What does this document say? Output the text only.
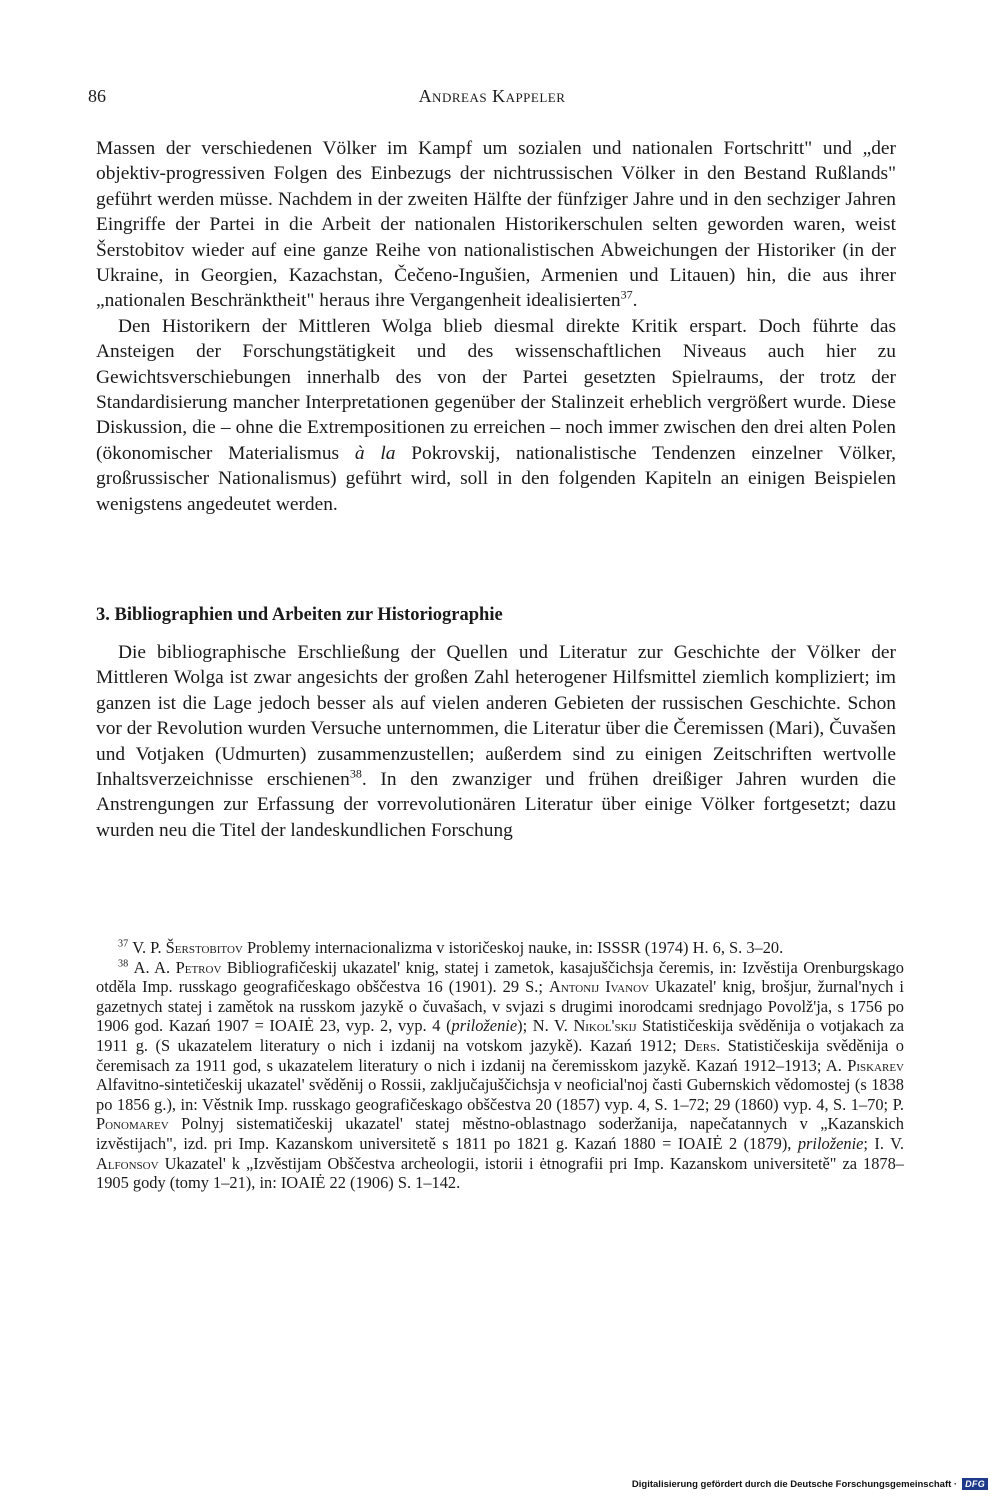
86	Andreas Kappeler

Massen der verschiedenen Völker im Kampf um sozialen und nationalen Fortschritt" und „der objektiv-progressiven Folgen des Einbezugs der nichtrussischen Völker in den Bestand Rußlands" geführt werden müsse. Nachdem in der zweiten Hälfte der fünfziger Jahre und in den sechziger Jahren Eingriffe der Partei in die Arbeit der nationalen Historikerschulen selten geworden waren, weist Šerstobitov wieder auf eine ganze Reihe von nationalistischen Abweichungen der Historiker (in der Ukraine, in Georgien, Kazachstan, Čečeno-Ingušien, Armenien und Litauen) hin, die aus ihrer „nationalen Beschränktheit" heraus ihre Vergangenheit idealisierten$^{37}$.

Den Historikern der Mittleren Wolga blieb diesmal direkte Kritik erspart. Doch führte das Ansteigen der Forschungstätigkeit und des wissenschaftlichen Niveaus auch hier zu Gewichtsverschiebungen innerhalb des von der Partei gesetzten Spielraums, der trotz der Standardisierung mancher Interpretationen gegenüber der Stalinzeit erheblich vergrößert wurde. Diese Diskussion, die – ohne die Extrempositionen zu erreichen – noch immer zwischen den drei alten Polen (ökonomischer Materialismus à la Pokrovskij, nationalistische Tendenzen einzelner Völker, großrussischer Nationalismus) geführt wird, soll in den folgenden Kapiteln an einigen Beispielen wenigstens angedeutet werden.

3. Bibliographien und Arbeiten zur Historiographie

Die bibliographische Erschließung der Quellen und Literatur zur Geschichte der Völker der Mittleren Wolga ist zwar angesichts der großen Zahl heterogener Hilfsmittel ziemlich kompliziert; im ganzen ist die Lage jedoch besser als auf vielen anderen Gebieten der russischen Geschichte. Schon vor der Revolution wurden Versuche unternommen, die Literatur über die Čeremissen (Mari), Čuvašen und Votjaken (Udmurten) zusammenzustellen; außerdem sind zu einigen Zeitschriften wertvolle Inhaltsverzeichnisse erschienen$^{38}$. In den zwanziger und frühen dreißiger Jahren wurden die Anstrengungen zur Erfassung der vorrevolutionären Literatur über einige Völker fortgesetzt; dazu wurden neu die Titel der landeskundlichen Forschung

$^{37}$ V. P. Šerstobitov Problemy internacionalizma v istoričeskoj nauke, in: ISSSR (1974) H. 6, S. 3–20.

$^{38}$ A. A. Petrov Bibliografičeskij ukazatel' knig, statej i zametok, kasajuščichsja čeremis, in: Izvěstija Orenburgskago otděla Imp. russkago geografičeskago obščestva 16 (1901). 29 S.; Antonij Ivanov Ukazatel' knig, brošjur, žurnal'nych i gazetnych statej i zamětok na russkom jazykě o čuvašach, v svjazi s drugimi inorodcami srednjago Povolž'ja, s 1756 po 1906 god. Kazań 1907 = IOAIĖ 23, vyp. 2, vyp. 4 (priloženie); N. V. Nikol'skij Statističeskija svěděnija o votjakach za 1911 g. (S ukazatelem literatury o nich i izdanij na votskom jazykě). Kazań 1912; Ders. Statističeskija svěděnija o čeremisach za 1911 god, s ukazatelem literatury o nich i izdanij na čeremisskom jazykě. Kazań 1912–1913; A. Piskarev Alfavitno-sintetičeskij ukazatel' svěděnij o Rossii, zaključajuščichsja v neoficial'noj časti Gubernskich vědomostej (s 1838 po 1856 g.), in: Věstnik Imp. russkago geografičeskago obščestva 20 (1857) vyp. 4, S. 1–72; 29 (1860) vyp. 4, S. 1–70; P. Ponomarev Polnyj sistematičeskij ukazatel' statej městno-oblastnago soderžanija, napečatannych v „Kazanskich izvěstijach", izd. pri Imp. Kazanskom universitetě s 1811 po 1821 g. Kazań 1880 = IOAIĖ 2 (1879), priloženie; I. V. Alfonsov Ukazatel' k „Izvěstijam Obščestva archeologii, istorii i ėtnografii pri Imp. Kazanskom universitetě" za 1878–1905 gody (tomy 1–21), in: IOAIĖ 22 (1906) S. 1–142.

Digitalisierung gefördert durch die Deutsche Forschungsgemeinschaft · DFG
